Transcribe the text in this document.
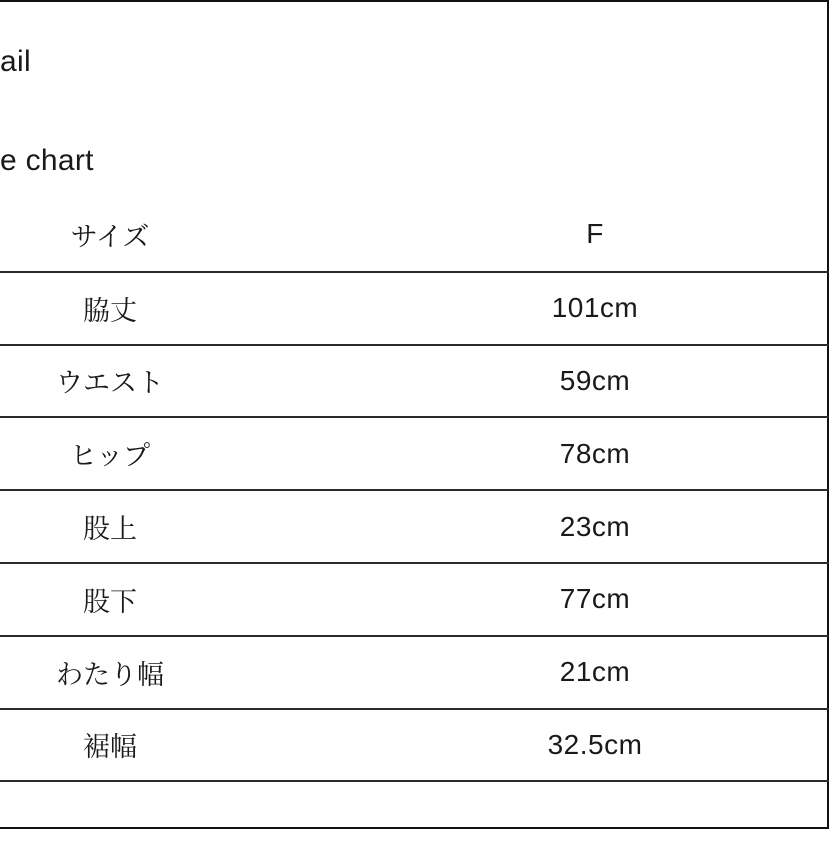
ail
e chart
サイズ	F
脇丈	101cm
ウエスト	59cm
ヒップ	78cm
股上	23cm
股下	77cm
わたり幅	21cm
裾幅	32.5cm
